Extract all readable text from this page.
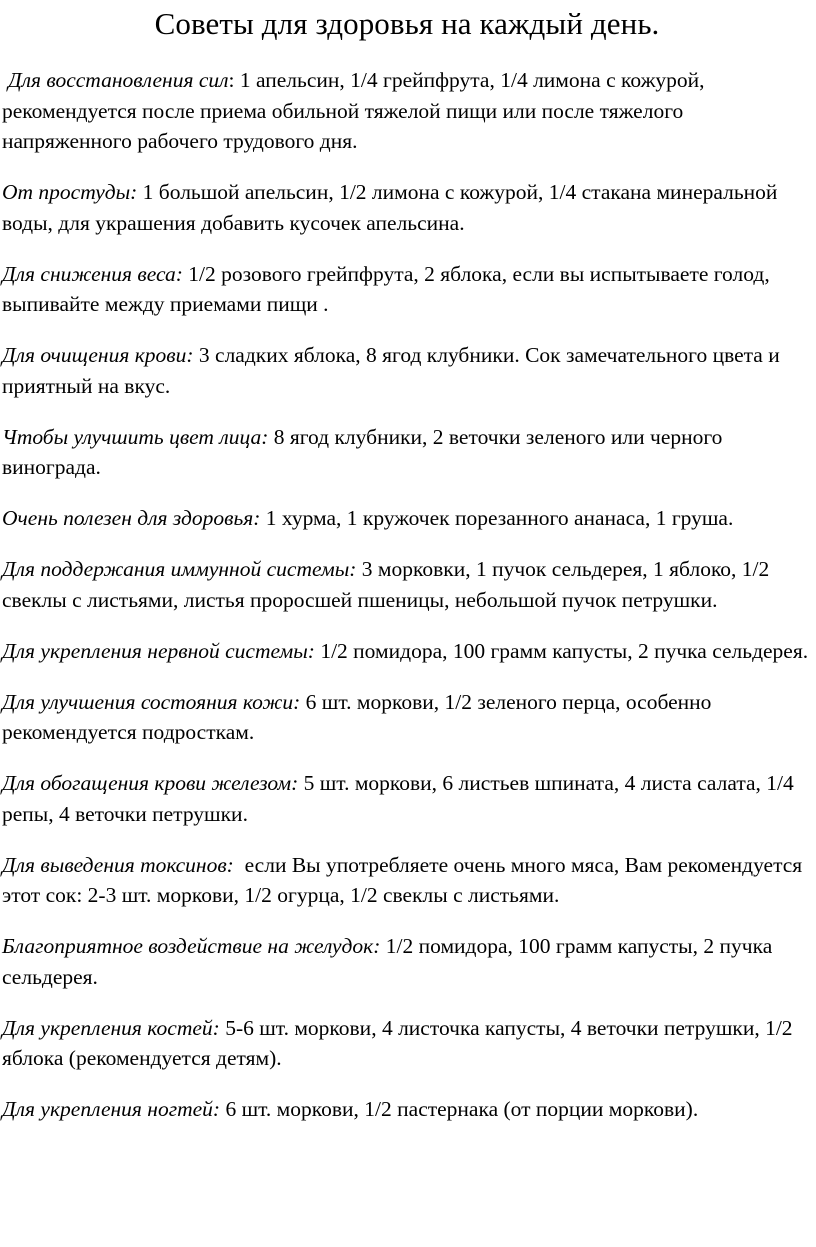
Советы для здоровья на каждый день.
Для восстановления сил: 1 апельсин, 1/4 грейпфрута, 1/4 лимона с кожурой, рекомендуется после приема обильной тяжелой пищи или после тяжелого напряженного рабочего трудового дня.
От простуды: 1 большой апельсин, 1/2 лимона с кожурой, 1/4 стакана минеральной воды, для украшения добавить кусочек апельсина.
Для снижения веса: 1/2 розового грейпфрута, 2 яблока, если вы испытываете голод, выпивайте между приемами пищи .
Для очищения крови: 3 сладких яблока, 8 ягод клубники. Сок замечательного цвета и приятный на вкус.
Чтобы улучшить цвет лица: 8 ягод клубники, 2 веточки зеленого или черного винограда.
Очень полезен для здоровья: 1 хурма, 1 кружочек порезанного ананаса, 1 груша.
Для поддержания иммунной системы: 3 морковки, 1 пучок сельдерея, 1 яблоко, 1/2 свеклы с листьями, листья проросшей пшеницы, небольшой пучок петрушки.
Для укрепления нервной системы: 1/2 помидора, 100 грамм капусты, 2 пучка сельдерея.
Для улучшения состояния кожи: 6 шт. моркови, 1/2 зеленого перца, особенно рекомендуется подросткам.
Для обогащения крови железом: 5 шт. моркови, 6 листьев шпината, 4 листа салата, 1/4 репы, 4 веточки петрушки.
Для выведения токсинов: если Вы употребляете очень много мяса, Вам рекомендуется этот сок: 2-3 шт. моркови, 1/2 огурца, 1/2 свеклы с листьями.
Благоприятное воздействие на желудок: 1/2 помидора, 100 грамм капусты, 2 пучка сельдерея.
Для укрепления костей: 5-6 шт. моркови, 4 листочка капусты, 4 веточки петрушки, 1/2 яблока (рекомендуется детям).
Для укрепления ногтей: 6 шт. моркови, 1/2 пастернака (от порции моркови).
